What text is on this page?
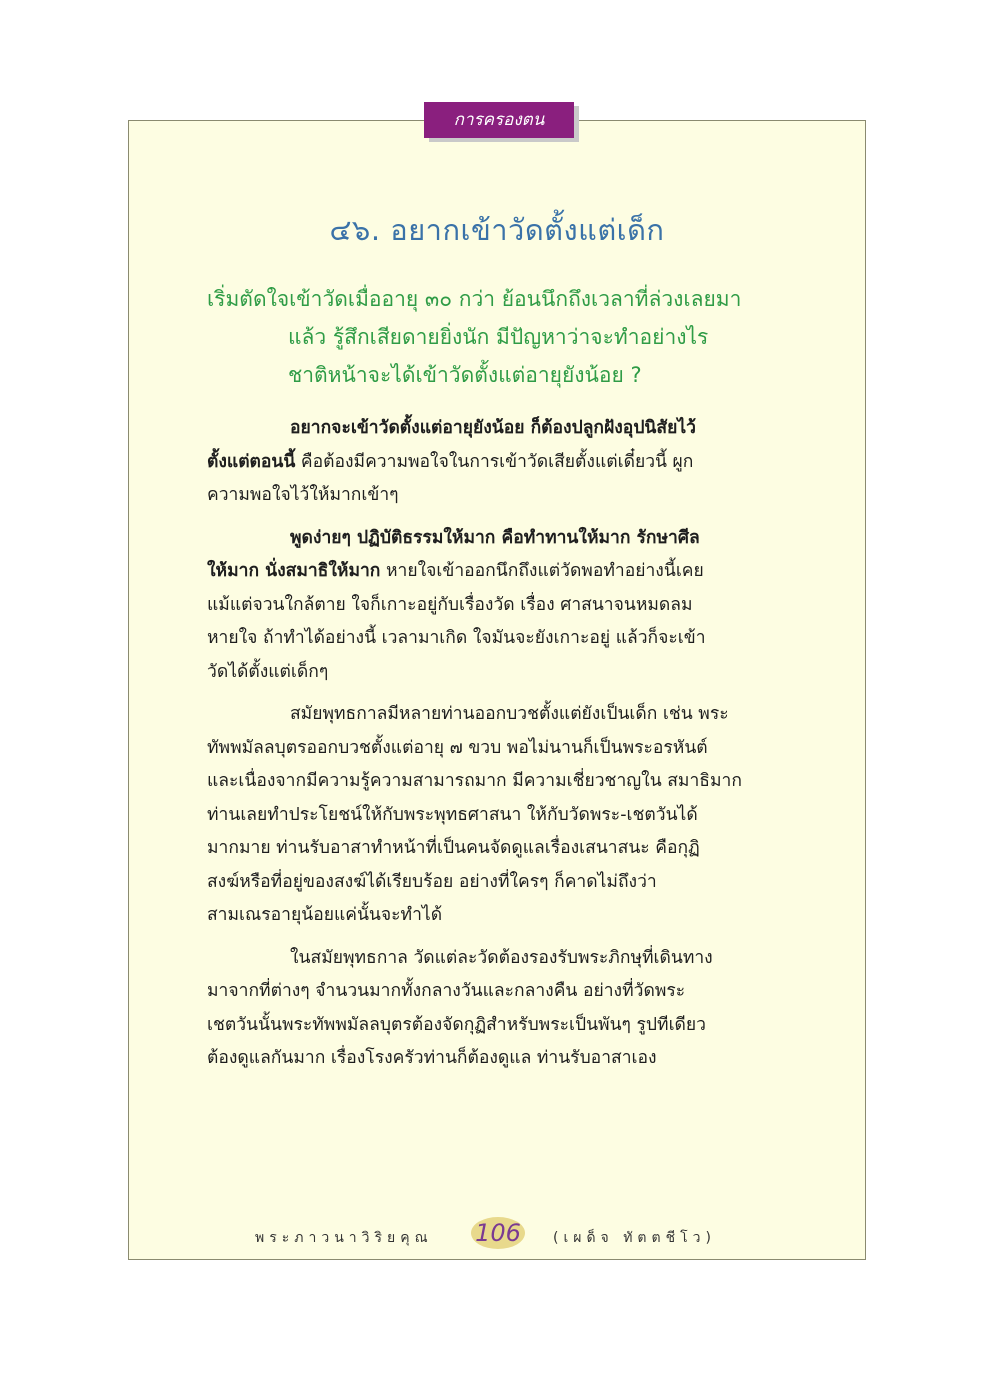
การครองตน
๔๖. อยากเข้าวัดตั้งแต่เด็ก
เริ่มตัดใจเข้าวัดเมื่ออายุ ๓๐ กว่า ย้อนนึกถึงเวลาที่ล่วงเลยมา
แล้ว รู้สึกเสียดายยิ่งนัก มีปัญหาว่าจะทำอย่างไร
ชาติหน้าจะได้เข้าวัดตั้งแต่อายุยังน้อย ?
อยากจะเข้าวัดตั้งแต่อายุยังน้อย ก็ต้องปลูกฝังอุปนิสัยไว้
ตั้งแต่ตอนนี้ คือต้องมีความพอใจในการเข้าวัดเสียตั้งแต่เดี๋ยวนี้ ผูก
ความพอใจไว้ให้มากเข้าๆ
พูดง่ายๆ ปฏิบัติธรรมให้มาก คือทำทานให้มาก รักษาศีล
ให้มาก นั่งสมาธิให้มาก หายใจเข้าออกนึกถึงแต่วัดพอทำอย่างนี้เคย
แม้แต่จวนใกล้ตาย ใจก็เกาะอยู่กับเรื่องวัด เรื่อง ศาสนาจนหมดลม
หายใจ ถ้าทำได้อย่างนี้ เวลามาเกิด ใจมันจะยังเกาะอยู่ แล้วก็จะเข้า
วัดได้ตั้งแต่เด็กๆ
สมัยพุทธกาลมีหลายท่านออกบวชตั้งแต่ยังเป็นเด็ก เช่น พระ
ทัพพมัลลบุตรออกบวชตั้งแต่อายุ ๗ ขวบ พอไม่นานก็เป็นพระอรหันต์
และเนื่องจากมีความรู้ความสามารถมาก มีความเชี่ยวชาญใน สมาธิมาก
ท่านเลยทำประโยชน์ให้กับพระพุทธศาสนา ให้กับวัดพระ-เชตวันได้
มากมาย ท่านรับอาสาทำหน้าที่เป็นคนจัดดูแลเรื่องเสนาสนะ คือกุฏิ
สงฆ์หรือที่อยู่ของสงฆ์ได้เรียบร้อย อย่างที่ใครๆ ก็คาดไม่ถึงว่า
สามเณรอายุน้อยแค่นั้นจะทำได้
ในสมัยพุทธกาล วัดแต่ละวัดต้องรองรับพระภิกษุที่เดินทาง
มาจากที่ต่างๆ จำนวนมากทั้งกลางวันและกลางคืน อย่างที่วัดพระ
เชตวันนั้นพระทัพพมัลลบุตรต้องจัดกุฏิสำหรับพระเป็นพันๆ รูปทีเดียว
ต้องดูแลกันมาก เรื่องโรงครัวท่านก็ต้องดูแล ท่านรับอาสาเอง
พระภาวนาวิริยคุณ 106 (เผด็จ ทัตตชีโว)
